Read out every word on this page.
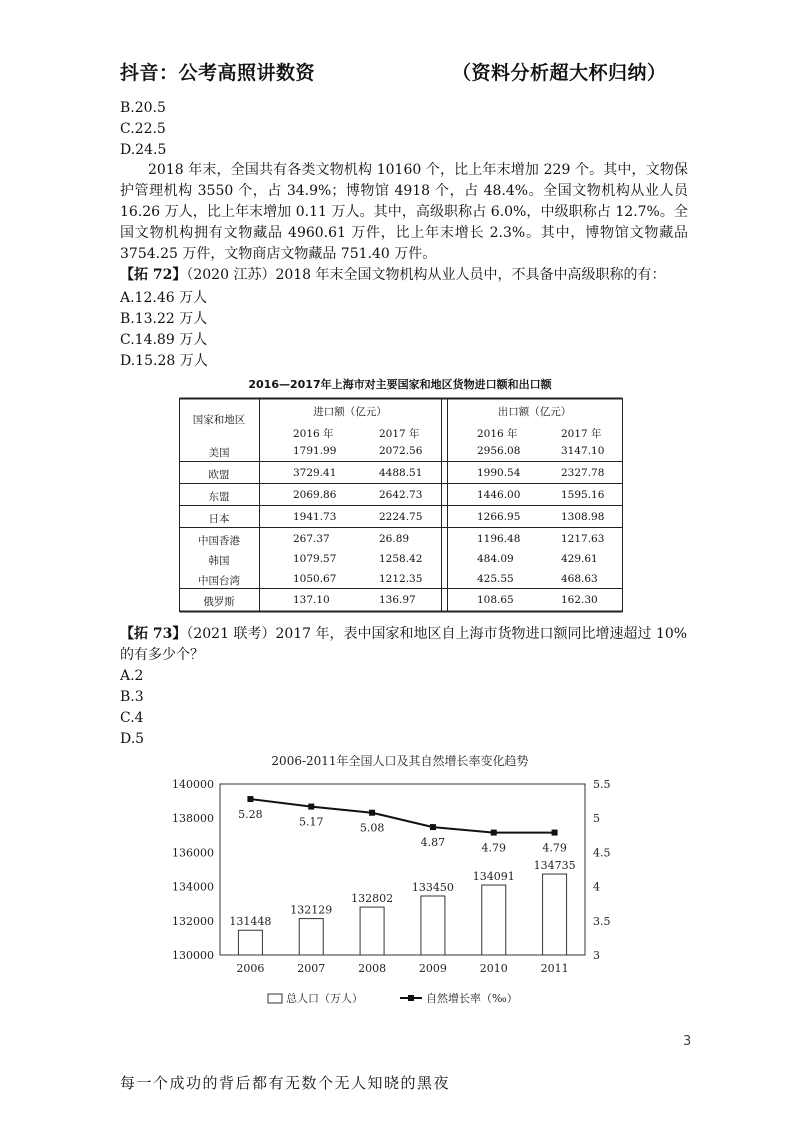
抖音：公考高照讲数资	（资料分析超大杯归纳）
B.20.5
C.22.5
D.24.5

2018 年末，全国共有各类文物机构 10160 个，比上年末增加 229 个。其中，文物保护管理机构 3550 个，占 34.9%；博物馆 4918 个，占 48.4%。全国文物机构从业人员 16.26 万人，比上年末增加 0.11 万人。其中，高级职称占 6.0%，中级职称占 12.7%。全国文物机构拥有文物藏品 4960.61 万件，比上年末增长 2.3%。其中，博物馆文物藏品 3754.25 万件，文物商店文物藏品 751.40 万件。

【拓 72】（2020 江苏）2018 年末全国文物机构从业人员中，不具备中高级职称的有：
A.12.46 万人
B.13.22 万人
C.14.89 万人
D.15.28 万人
2016—2017年上海市对主要国家和地区货物进口额和出口额
国家和地区
进口额（亿元）	出口额（亿元）
2016 年	2017 年	2016 年	2017 年
美国	1791.99	2072.56	2956.08	3147.10
欧盟	3729.41	4488.51	1990.54	2327.78
东盟	2069.86	2642.73	1446.00	1595.16
日本	1941.73	2224.75	1266.95	1308.98
中国香港	267.37	26.89	1196.48	1217.63
韩国	1079.57	1258.42	484.09	429.61
中国台湾	1050.67	1212.35	425.55	468.63
俄罗斯	137.10	136.97	108.65	162.30
【拓 73】（2021 联考）2017 年，表中国家和地区自上海市货物进口额同比增速超过 10%的有多少个？
A.2
B.3
C.4
D.5
2006-2011年全国人口及其自然增长率变化趋势
130000
132000
134000
136000
138000
140000
3
3.5
4
4.5
5
5.5
2006	2007	2008	2009	2010	2011
131448
132129
132802
133450
134091
134735
5.28
5.17	5.08
4.87	4.79	4.79
总人口（万人）	自然增长率（‰）
3
每一个成功的背后都有无数个无人知晓的黑夜
